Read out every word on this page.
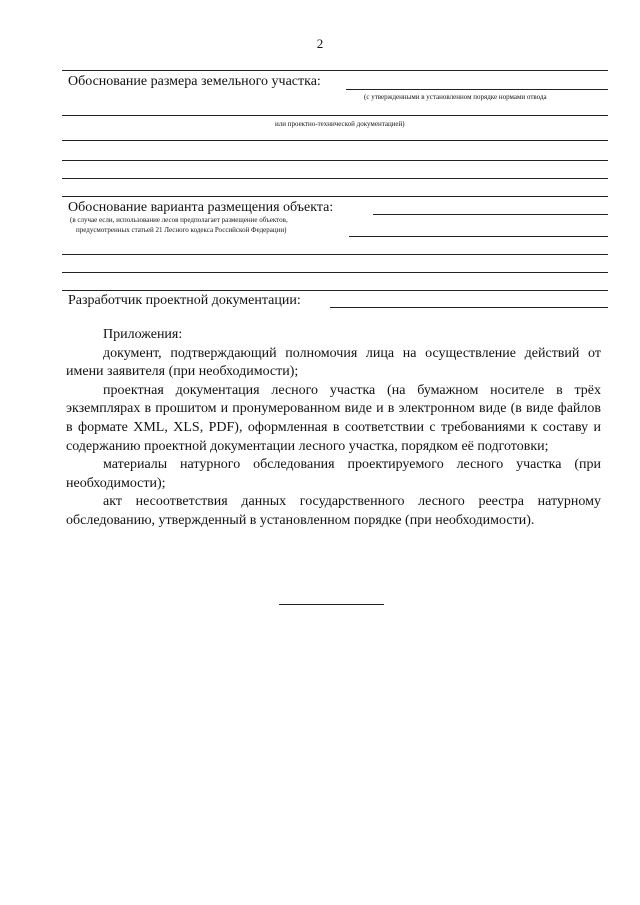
2
Обоснование размера земельного участка:
(с утвержденными в установленном порядке нормами отвода
или проектно-технической документацией)
Обоснование варианта размещения объекта:
(в случае если, использование лесов предполагает размещение объектов,
предусмотренных статьей 21 Лесного кодекса Российской Федерации)
Разработчик проектной документации:

Приложения:

документ, подтверждающий полномочия лица на осуществление действий от имени заявителя (при необходимости);

проектная документация лесного участка (на бумажном носителе в трёх экземплярах в прошитом и пронумерованном виде и в электронном виде (в виде файлов в формате XML, XLS, PDF), оформленная в соответствии с требованиями к составу и содержанию проектной документации лесного участка, порядком её подготовки;

материалы натурного обследования проектируемого лесного участка (при необходимости);

акт несоответствия данных государственного лесного реестра натурному обследованию, утвержденный в установленном порядке (при необходимости).
